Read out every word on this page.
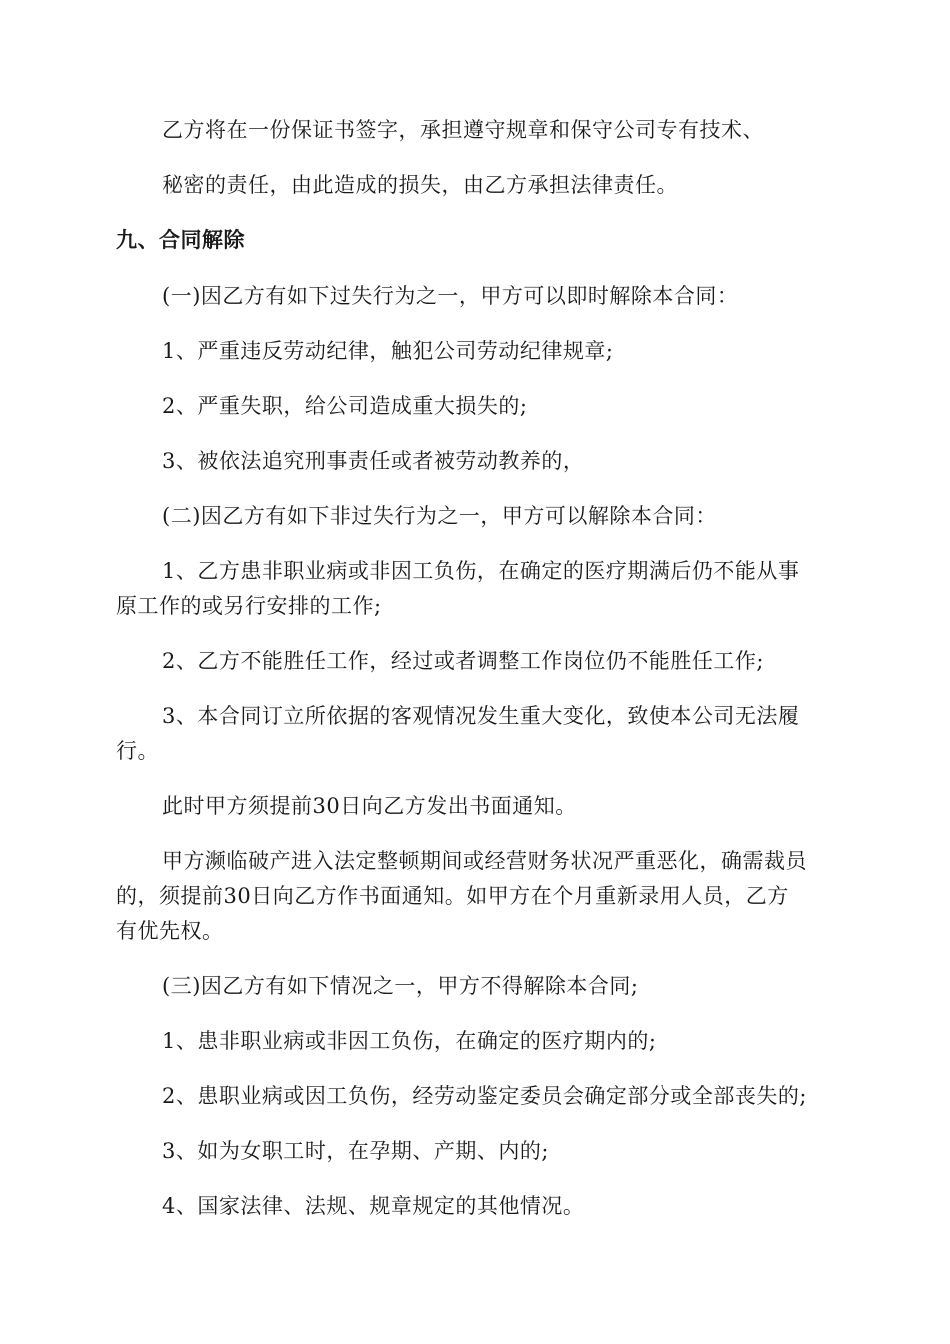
乙方将在一份保证书签字，承担遵守规章和保守公司专有技术、
秘密的责任，由此造成的损失，由乙方承担法律责任。
九、合同解除
(一)因乙方有如下过失行为之一，甲方可以即时解除本合同：
1、严重违反劳动纪律，触犯公司劳动纪律规章;
2、严重失职，给公司造成重大损失的;
3、被依法追究刑事责任或者被劳动教养的，
(二)因乙方有如下非过失行为之一，甲方可以解除本合同：
1、乙方患非职业病或非因工负伤，在确定的医疗期满后仍不能从事
原工作的或另行安排的工作;
2、乙方不能胜任工作，经过或者调整工作岗位仍不能胜任工作;
3、本合同订立所依据的客观情况发生重大变化，致使本公司无法履
行。
此时甲方须提前30日向乙方发出书面通知。
甲方濒临破产进入法定整顿期间或经营财务状况严重恶化，确需裁员
的，须提前30日向乙方作书面通知。如甲方在个月重新录用人员，乙方
有优先权。
(三)因乙方有如下情况之一，甲方不得解除本合同;
1、患非职业病或非因工负伤，在确定的医疗期内的;
2、患职业病或因工负伤，经劳动鉴定委员会确定部分或全部丧失的;
3、如为女职工时，在孕期、产期、内的;
4、国家法律、法规、规章规定的其他情况。
